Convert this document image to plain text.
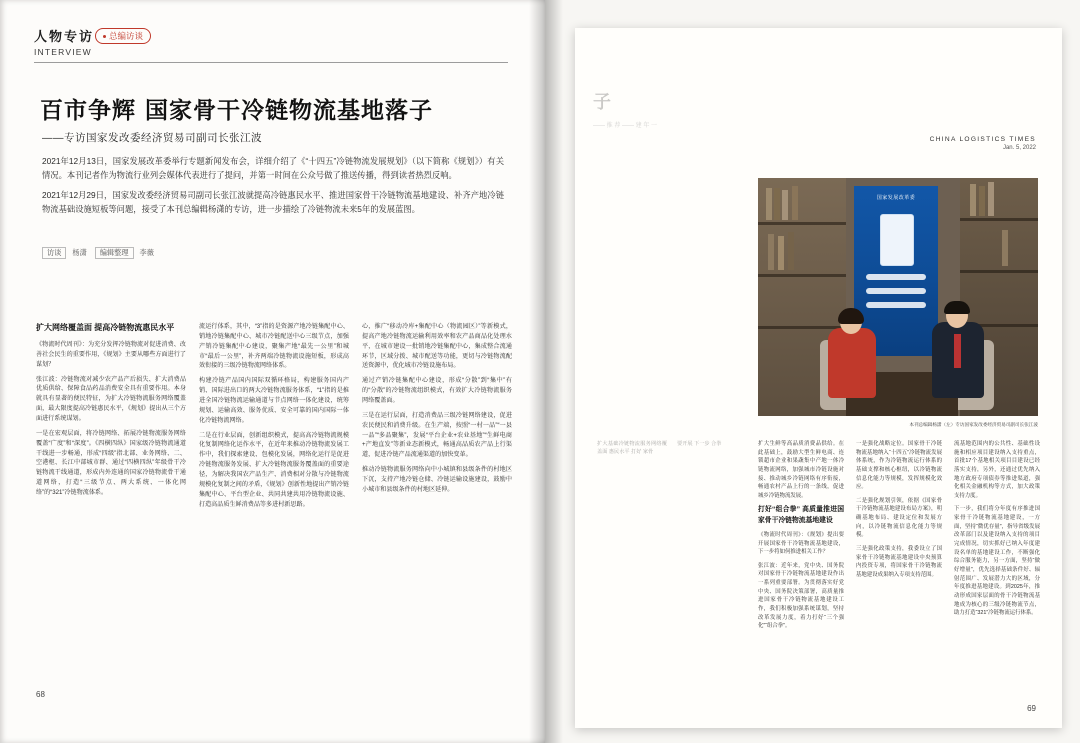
人物专访
INTERVIEW
总编访谈
百市争辉 国家骨干冷链物流基地落子
——专访国家发改委经济贸易司副司长张江波

2021年12月13日，国家发展改革委举行专题新闻发布会，详细介绍了《“十四五”冷链物流发展规划》（以下简称《规划》）有关情况。本刊记者作为物流行业列会媒体代表进行了提问，并第一时间在公众号做了推送传播，得到读者热烈反响。

2021年12月29日，国家发改委经济贸易司副司长张江波就提高冷链惠民水平、推进国家骨干冷链物流基地建设、补齐产地冷链物流基础设施短板等问题，接受了本刊总编辑杨潇的专访，进一步描绘了冷链物流未来5年的发展蓝图。

访谈 杨潇 编辑整理 李薇
扩大网络覆盖面 提高冷链物流惠民水平

《物流时代周刊》：为充分发挥冷链物流对促进消费、改善社会民生的重要作用，《规划》主要从哪些方面进行了谋划？

张江波：冷链物流对减少农产品产后损失、扩大消费品优质供给、保障食品药品消费安全具有重要作用。本身就具有显著的便民特征，为扩大冷链物流服务网络覆盖面，最大限度提高冷链惠民水平，《规划》提出从三个方面进行系统谋划。

一是在宏观层面，将冷链网络、拓展冷链物流服务网络覆盖“广度”和“深度”。《四横四纵》国家级冷链物流通道干线进一步畅通，形成“四级”指北部、业务网络、二、空港枢、长江中部城市群、通过“四横四纵”年级骨干冷链物流干线通道，形成内外连通的国家冷链物流骨干通道网络，打造“三级节点、两大系统、一体化网络”的“321”冷链物流体系。

流运行体系，其中，“3”指的是资源产地冷链集配中心、销地冷链集配中心、城市冷链配送中心三级节点，加强产销冷链集配中心建设，聚集产地“最先一公里”和城市“最后一公里”，补齐两端冷链物流设施短板，形成高效衔接的三级冷链物流网络体系。

构建冷链产品国内国际双循环格局，构建服务国内产销、国际进出口的两大冷链物流服务体系，“1”指的是推进全国冷链物流运输通道与节点网络一体化建设，统筹规划、运输高效、服务优质、安全可靠的国内国际一体化冷链物流网络。

二是在行业层面，创新组织模式，提高高冷链物流规模化复制网络化运作水平，在近年来推动冷链物流发展工作中，我们探索建设、包模化发展，网络化运行是促进冷链物流服务发展、扩大冷链物流服务覆盖面的重要途径，为解决我国农产品生产、消费相对分散与冷链物流规模化复制之间的矛盾，《规划》创新性地提出产销冷链集配中心、平台型企业、共同共建共用冷链物流设施、打造高品质生鲜消费品等多进村新思路。

心，推广“移动冷库+集配中心（物流园区）”等新模式，提高产地冷链物流运输利用效率和农产品商品化处理水平，在城市建设一批销地冷链集配中心，集成整合流通环节，区域分拨、城市配送等功能，更切与冷链物流配送资源中，优化城市冷链设施布局。

通过产销冷链集配中心建设，形成“分散”到“集中”有的“分散”的冷链物流组织模式，有效扩大冷链物流服务网络覆盖面。

三是在运行层面，打造消费品三级冷链网络建设，促进农民便民和消费升级。在生产端，按照“一村一品”“一县一品”“多品聚集”，发展“平台企业+农业基地”“生鲜电商+产地直发”等新业态新模式，畅通高品质农产品上行渠道，促进冷链产品流通渠道的加快变革。

推动冷链物流服务网络向中小城镇和县级条件的村地区下沉，支持产地冷链仓储、冷链运输设施建设，鼓励中小城市和县级条件的村地区延伸。

68
子
—— 推 荐 —— 建 年 一
CHINA LOGISTICS TIMES
Jan. 5, 2022
国家发展改革委
本刊总编辑杨潇（左）专访国家发改委经济贸易司副司长张江波
扩大基础冷链物流服务网络覆盖面 惠民水平 打好 家骨
要开展 下一步 合拳	扩大生鲜等高品质消费品供给。在此基础上，鼓励大型生鲜电商、连锁超市企业和果蔬集中产地一体冷链物流网络，加强城市冷链设施对接、推动城乡冷链网络有序衔接，畅通农村产品上行的一条线，促进城乡冷链物流发展。

打好“组合拳” 高质量推进国家骨干冷链物流基地建设

《物流时代周刊》：《规划》提出要开展国家骨干冷链物流基地建设，下一步将如何推进相关工作？

张江波：近年来，党中央、国务院对国家骨干冷链物流基地建设作出一系列重要部署。为贯彻落实好党中央、国务院决策部署，高质量推进国家骨干冷链物流基地建设工作，我们积极加强系统谋划，坚持改革发展力度，着力打好“三个强化”“组合拳”。

一是强化战略定位。国家骨干冷链物流基地纳入“十四五”冷链物流发展体系统，作为冷链物流运行体系的基础支撑和核心枢纽，以冷链物流信息化能力等规模，发挥规模化效应。

二是强化规划引领，依据《国家骨干冷链物流基地建设布局方案》，明确基地布局、建设定位和发展方向，以冷链物流信息化能力等规模。

三是强化政策支持，我委设立了国家骨干冷链物流基地建设中央预算内投资专项，将国家骨干冷链物流基地建设成果纳入专项支持范围。

流基地范围内的公共性、基础性设施和相应项目建设纳入支持重点，首批17个基地相关项目目建设已经落实支持，另外，还通过优先纳入地方政府专项债券等推进渠道，强化相关金融机构等方式，加大政策支持力度。

下一步，我们将分年度有序推进国家骨干冷链物流基地建设，一方面，坚持“微优存量”，指导省级发展改革部门以及建设纳入支持的项目完成情况，切实抓好已纳入年度建设名单的基地建设工作，不断强化综合服务能力，另一方面，坚持“做好增量”，优先选择基础条件好、辐射范围广、发展潜力大的区域，分年度推进基地建设。到2025年，推动形成国家层面的骨干冷链物流基地成为核心的三级冷链物流节点，助力打造“321”冷链物流运行体系。

69
